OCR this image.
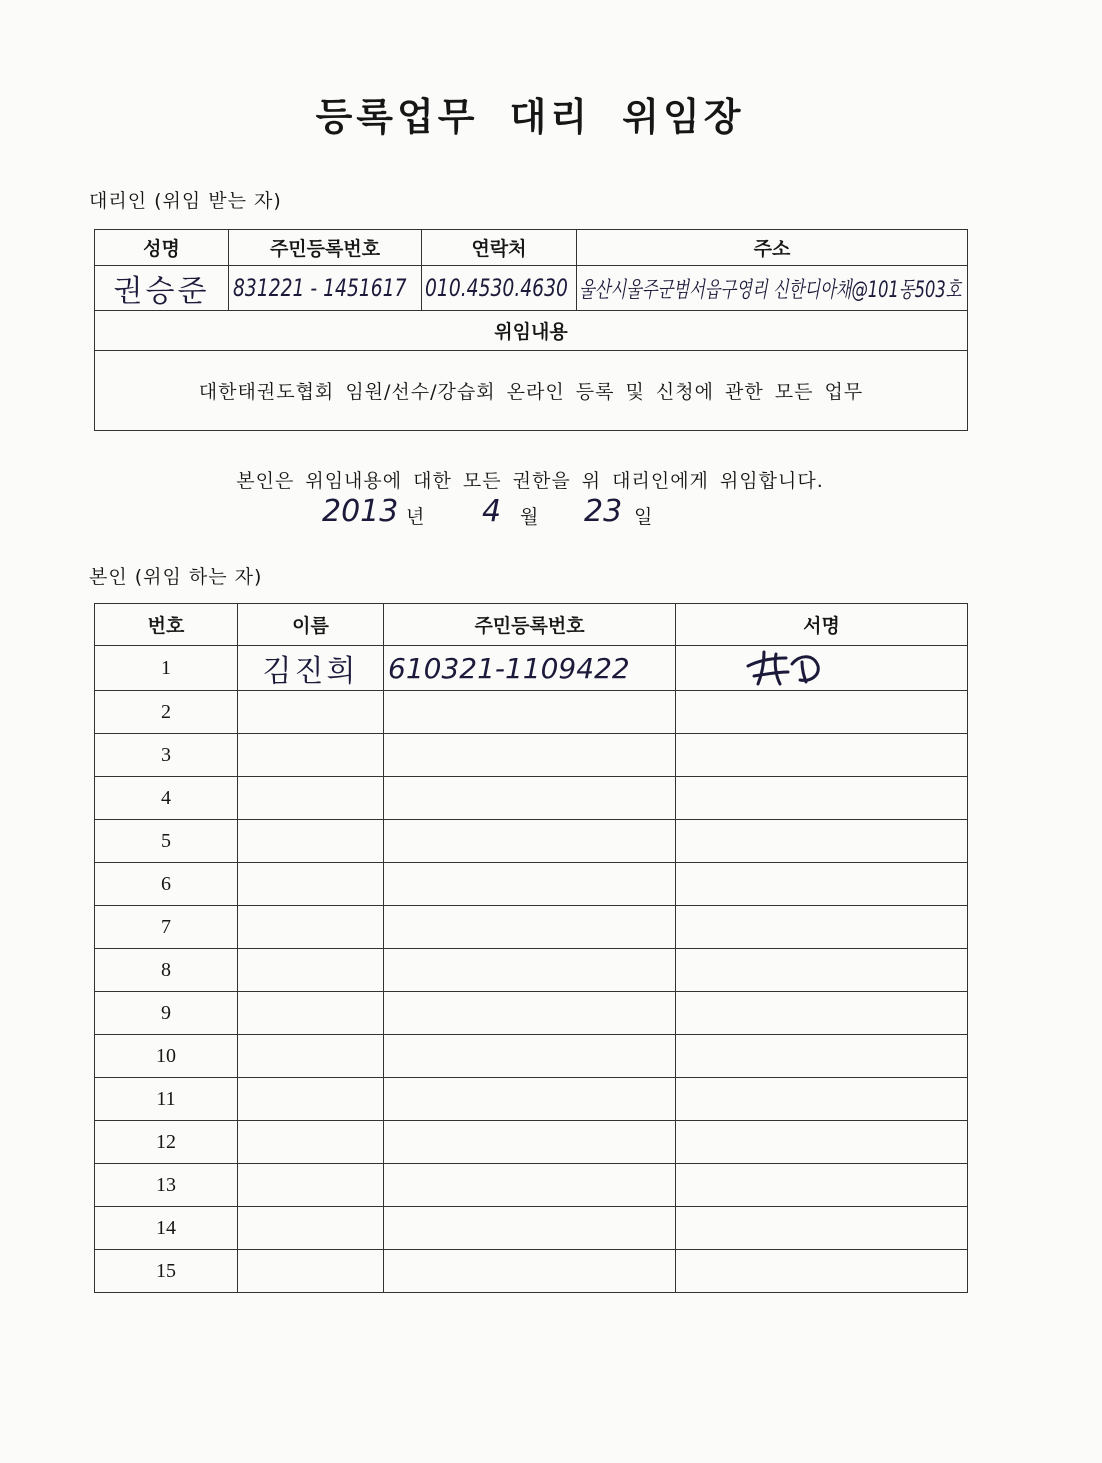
등록업무 대리 위임장
대리인 (위임 받는 자)
성명	주민등록번호	연락처	주소
권승준	831221 - 1451617	010.4530.4630	울산시울주군범서읍구영리 신한디아채@101동503호
위임내용			
대한태권도협회 임원/선수/강습회 온라인 등록 및 신청에 관한 모든 업무			
본인은 위임내용에 대한 모든 권한을 위 대리인에게 위임합니다.
2013 년 4 월 23 일
본인 (위임 하는 자)
번호	이름	주민등록번호	서명
1	김진희	610321-1109422	
2			
3			
4			
5			
6			
7			
8			
9			
10			
11			
12			
13			
14			
15			
